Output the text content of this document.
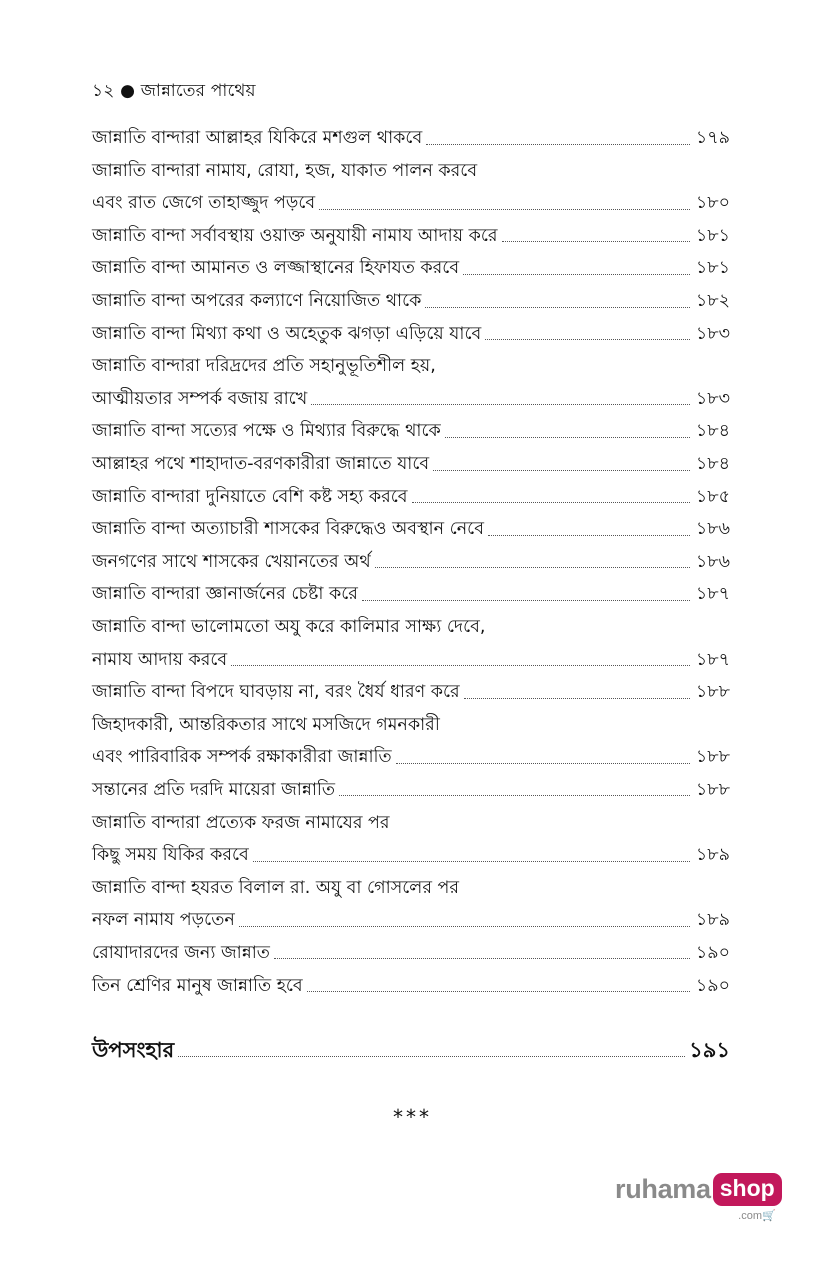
১২ ● জান্নাতের পাথেয়
জান্নাতি বান্দারা আল্লাহর যিকিরে মশগুল থাকবে	১৭৯
জান্নাতি বান্দারা নামায, রোযা, হজ, যাকাত পালন করবে
এবং রাত জেগে তাহাজ্জুদ পড়বে	১৮০
জান্নাতি বান্দা সর্বাবস্থায় ওয়াক্ত অনুযায়ী নামায আদায় করে	১৮১
জান্নাতি বান্দা আমানত ও লজ্জাস্থানের হিফাযত করবে	১৮১
জান্নাতি বান্দা অপরের কল্যাণে নিয়োজিত থাকে	১৮২
জান্নাতি বান্দা মিথ্যা কথা ও অহেতুক ঝগড়া এড়িয়ে যাবে	১৮৩
জান্নাতি বান্দারা দরিদ্রদের প্রতি সহানুভূতিশীল হয়,
আত্মীয়তার সম্পর্ক বজায় রাখে	১৮৩
জান্নাতি বান্দা সত্যের পক্ষে ও মিথ্যার বিরুদ্ধে থাকে	১৮৪
আল্লাহর পথে শাহাদাত-বরণকারীরা জান্নাতে যাবে	১৮৪
জান্নাতি বান্দারা দুনিয়াতে বেশি কষ্ট সহ্য করবে	১৮৫
জান্নাতি বান্দা অত্যাচারী শাসকের বিরুদ্ধেও অবস্থান নেবে	১৮৬
জনগণের সাথে শাসকের খেয়ানতের অর্থ	১৮৬
জান্নাতি বান্দারা জ্ঞানার্জনের চেষ্টা করে	১৮৭
জান্নাতি বান্দা ভালোমতো অযু করে কালিমার সাক্ষ্য দেবে,
নামায আদায় করবে	১৮৭
জান্নাতি বান্দা বিপদে ঘাবড়ায় না, বরং ধৈর্য ধারণ করে	১৮৮
জিহাদকারী, আন্তরিকতার সাথে মসজিদে গমনকারী
এবং পারিবারিক সম্পর্ক রক্ষাকারীরা জান্নাতি	১৮৮
সন্তানের প্রতি দরদি মায়েরা জান্নাতি	১৮৮
জান্নাতি বান্দারা প্রত্যেক ফরজ নামাযের পর
কিছু সময় যিকির করবে	১৮৯
জান্নাতি বান্দা হযরত বিলাল রা. অযু বা গোসলের পর
নফল নামায পড়তেন	১৮৯
রোযাদারদের জন্য জান্নাত	১৯০
তিন শ্রেণির মানুষ জান্নাতি হবে	১৯০
উপসংহার	১৯১
***
ruhama shop
.com🛒
